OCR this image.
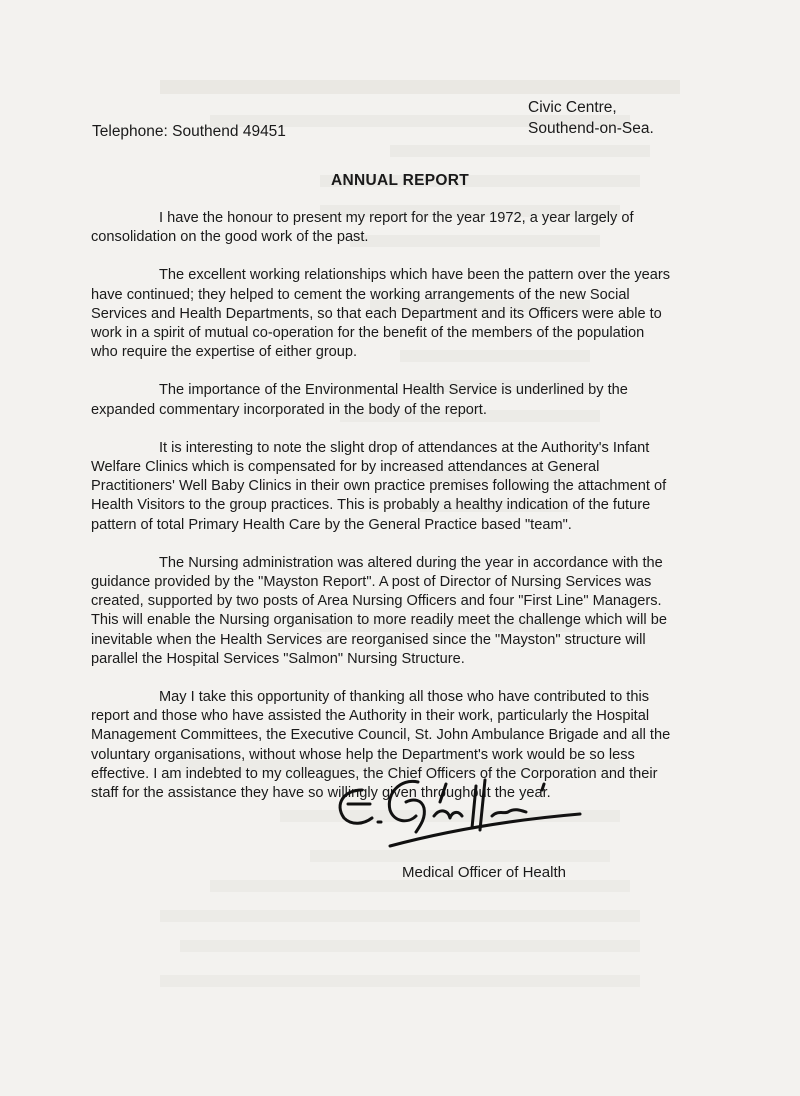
Civic Centre,
Southend-on-Sea.
Telephone: Southend 49451
ANNUAL REPORT

I have the honour to present my report for the year 1972, a year largely of
consolidation on the good work of the past.

The excellent working relationships which have been the pattern over the years
have continued; they helped to cement the working arrangements of the new Social
Services and Health Departments, so that each Department and its Officers were able to
work in a spirit of mutual co-operation for the benefit of the members of the population
who require the expertise of either group.

The importance of the Environmental Health Service is underlined by the
expanded commentary incorporated in the body of the report.

It is interesting to note the slight drop of attendances at the Authority's Infant
Welfare Clinics which is compensated for by increased attendances at General
Practitioners' Well Baby Clinics in their own practice premises following the attachment of
Health Visitors to the group practices. This is probably a healthy indication of the future
pattern of total Primary Health Care by the General Practice based "team".

The Nursing administration was altered during the year in accordance with the
guidance provided by the "Mayston Report". A post of Director of Nursing Services was
created, supported by two posts of Area Nursing Officers and four "First Line" Managers.
This will enable the Nursing organisation to more readily meet the challenge which will be
inevitable when the Health Services are reorganised since the "Mayston" structure will
parallel the Hospital Services "Salmon" Nursing Structure.

May I take this opportunity of thanking all those who have contributed to this
report and those who have assisted the Authority in their work, particularly the Hospital
Management Committees, the Executive Council, St. John Ambulance Brigade and all the
voluntary organisations, without whose help the Department's work would be so less
effective. I am indebted to my colleagues, the Chief Officers of the Corporation and their
staff for the assistance they have so willingly given throughout the year.

Medical Officer of Health
